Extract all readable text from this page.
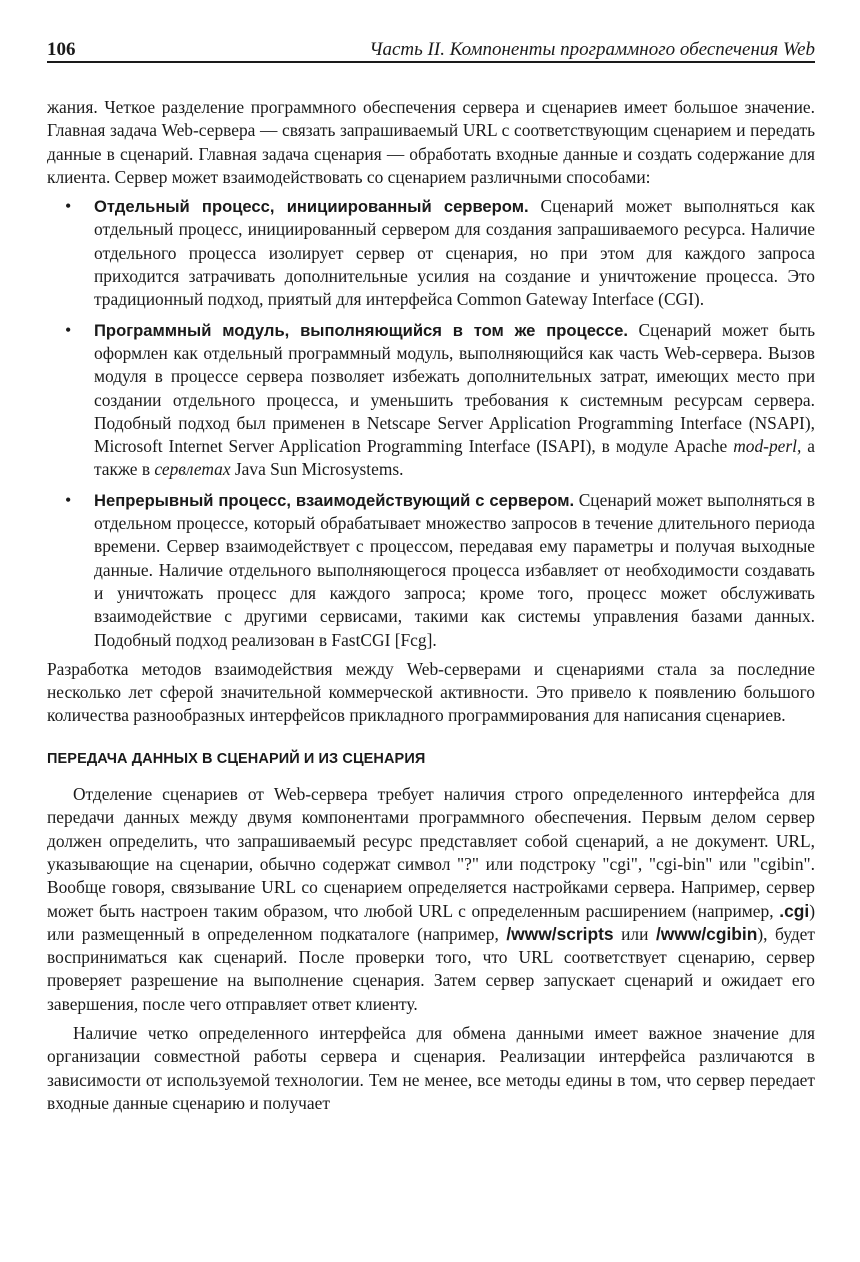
106	Часть II. Компоненты программного обеспечения Web

жания. Четкое разделение программного обеспечения сервера и сценариев имеет большое значение. Главная задача Web-сервера — связать запрашиваемый URL с соответствующим сценарием и передать данные в сценарий. Главная задача сценария — обработать входные данные и создать содержание для клиента. Сервер может взаимодействовать со сценарием различными способами:

• Отдельный процесс, инициированный сервером. Сценарий может выполняться как отдельный процесс, инициированный сервером для создания запрашиваемого ресурса. Наличие отдельного процесса изолирует сервер от сценария, но при этом для каждого запроса приходится затрачивать дополнительные усилия на создание и уничтожение процесса. Это традиционный подход, приятый для интерфейса Common Gateway Interface (CGI).
• Программный модуль, выполняющийся в том же процессе. Сценарий может быть оформлен как отдельный программный модуль, выполняющийся как часть Web-сервера. Вызов модуля в процессе сервера позволяет избежать дополнительных затрат, имеющих место при создании отдельного процесса, и уменьшить требования к системным ресурсам сервера. Подобный подход был применен в Netscape Server Application Programming Interface (NSAPI), Microsoft Internet Server Application Programming Interface (ISAPI), в модуле Apache mod-perl, а также в сервлетах Java Sun Microsystems.
• Непрерывный процесс, взаимодействующий с сервером. Сценарий может выполняться в отдельном процессе, который обрабатывает множество запросов в течение длительного периода времени. Сервер взаимодействует с процессом, передавая ему параметры и получая выходные данные. Наличие отдельного выполняющегося процесса избавляет от необходимости создавать и уничтожать процесс для каждого запроса; кроме того, процесс может обслуживать взаимодействие с другими сервисами, такими как системы управления базами данных. Подобный подход реализован в FastCGI [Fcg].

Разработка методов взаимодействия между Web-серверами и сценариями стала за последние несколько лет сферой значительной коммерческой активности. Это привело к появлению большого количества разнообразных интерфейсов прикладного программирования для написания сценариев.

ПЕРЕДАЧА ДАННЫХ В СЦЕНАРИЙ И ИЗ СЦЕНАРИЯ

Отделение сценариев от Web-сервера требует наличия строго определенного интерфейса для передачи данных между двумя компонентами программного обеспечения. Первым делом сервер должен определить, что запрашиваемый ресурс представляет собой сценарий, а не документ. URL, указывающие на сценарии, обычно содержат символ "?" или подстроку "cgi", "cgi-bin" или "cgibin". Вообще говоря, связывание URL со сценарием определяется настройками сервера. Например, сервер может быть настроен таким образом, что любой URL с определенным расширением (например, .cgi) или размещенный в определенном подкаталоге (например, /www/scripts или /www/cgibin), будет восприниматься как сценарий. После проверки того, что URL соответствует сценарию, сервер проверяет разрешение на выполнение сценария. Затем сервер запускает сценарий и ожидает его завершения, после чего отправляет ответ клиенту.

Наличие четко определенного интерфейса для обмена данными имеет важное значение для организации совместной работы сервера и сценария. Реализации интерфейса различаются в зависимости от используемой технологии. Тем не менее, все методы едины в том, что сервер передает входные данные сценарию и получает
